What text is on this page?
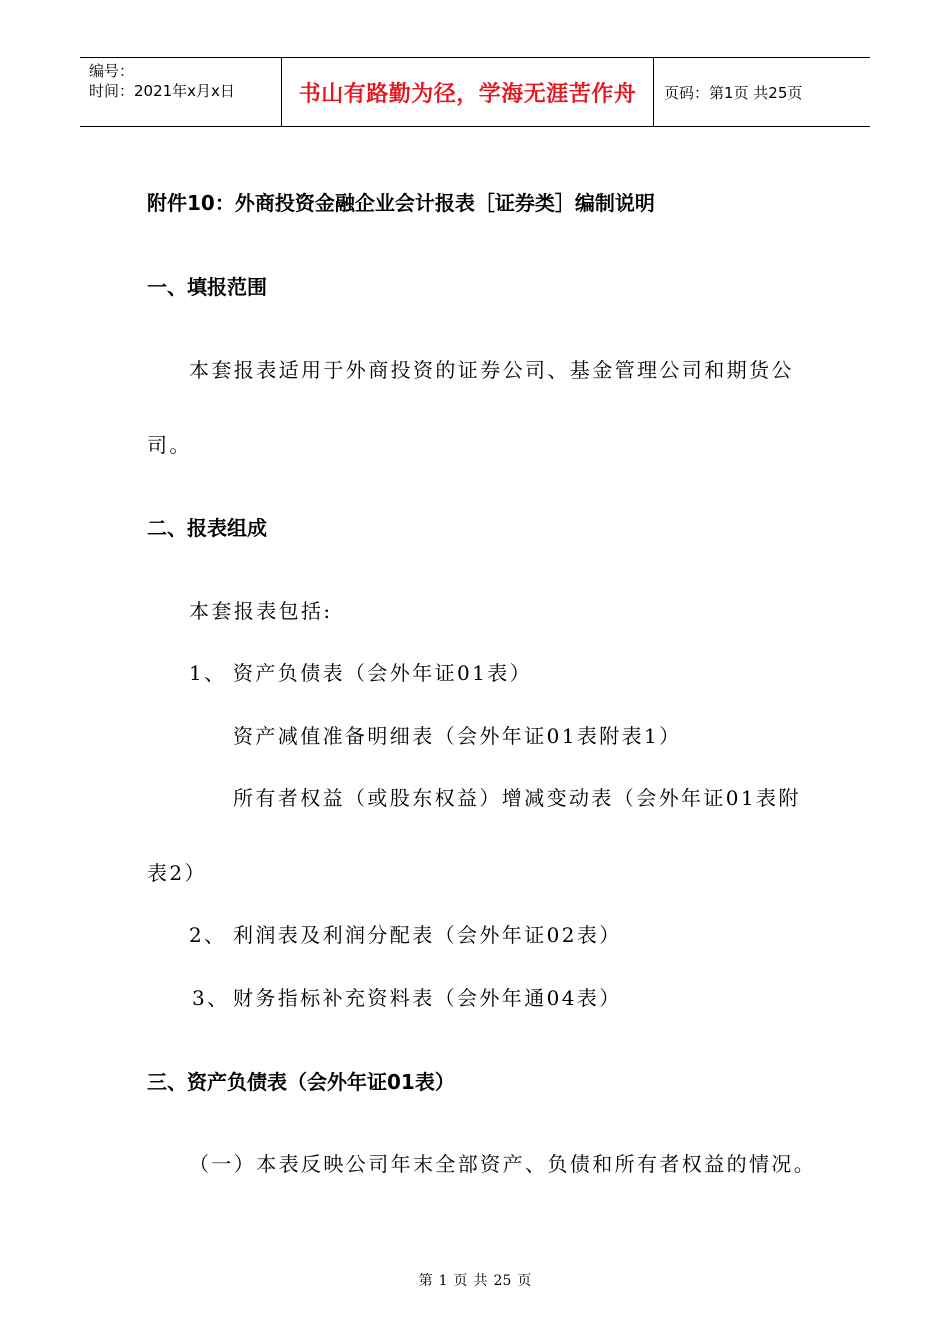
编号：
时间：2021年x月x日	书山有路勤为径，学海无涯苦作舟 页码：第1页 共25页
附件10：外商投资金融企业会计报表［证券类］编制说明
一、填报范围
本套报表适用于外商投资的证券公司、基金管理公司和期货公
司。
二、报表组成
本套报表包括:
1、 资产负债表（会外年证01表）
资产减值准备明细表（会外年证01表附表1）
所有者权益（或股东权益）增减变动表（会外年证01表附
表2）
2、 利润表及利润分配表（会外年证02表）
3、 财务指标补充资料表（会外年通04表）
三、资产负债表（会外年证01表）
（一）本表反映公司年末全部资产、负债和所有者权益的情况。
第 1 页 共 25 页
